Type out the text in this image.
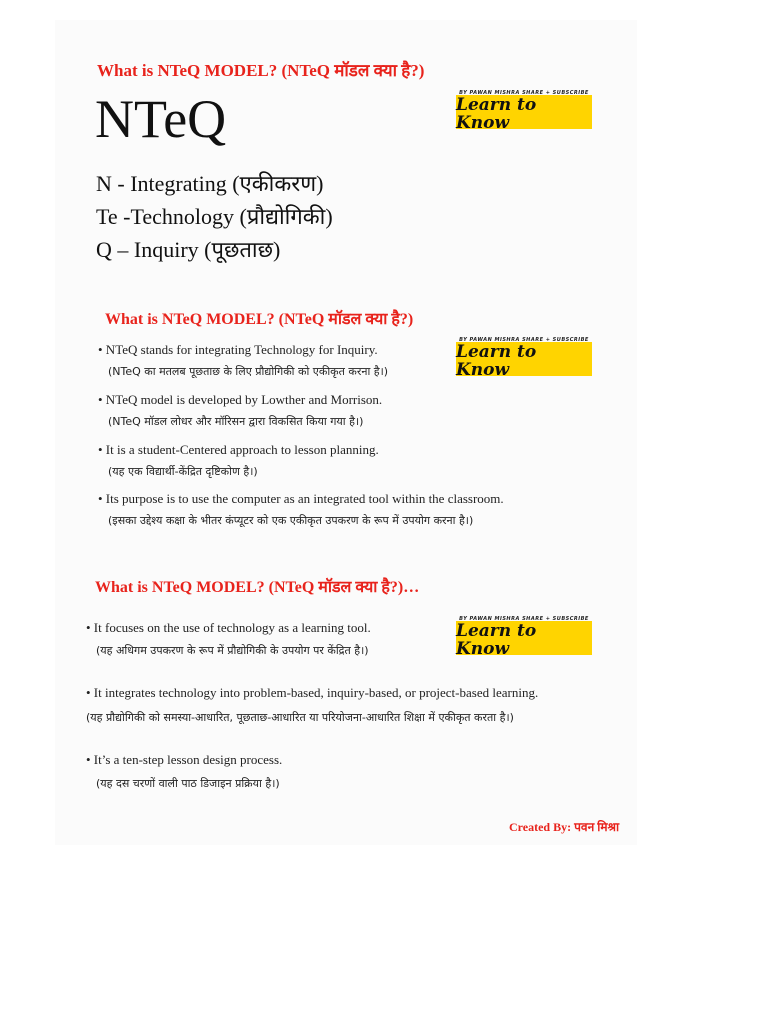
What is NTeQ MODEL? (NTeQ मॉडल क्या है?)
NTeQ
N - Integrating (एकीकरण)
Te -Technology (प्रौद्योगिकी)
Q – Inquiry (पूछताछ)
BY PAWAN MISHRA SHARE + SUBSCRIBE
Learn to Know
What is NTeQ MODEL? (NTeQ मॉडल क्या है?)
BY PAWAN MISHRA SHARE + SUBSCRIBE
Learn to Know
• NTeQ stands for integrating Technology for Inquiry.
(NTeQ का मतलब पूछताछ के लिए प्रौद्योगिकी को एकीकृत करना है।)
• NTeQ model is developed by Lowther and Morrison.
(NTeQ मॉडल लोधर और मॉरिसन द्वारा विकसित किया गया है।)
• It is a student-Centered approach to lesson planning.
(यह एक विद्यार्थी-केंद्रित दृष्टिकोण है।)
• Its purpose is to use the computer as an integrated tool within the classroom.
(इसका उद्देश्य कक्षा के भीतर कंप्यूटर को एक एकीकृत उपकरण के रूप में उपयोग करना है।)
What is NTeQ MODEL? (NTeQ मॉडल क्या है?)…
BY PAWAN MISHRA SHARE + SUBSCRIBE
Learn to Know
• It focuses on the use of technology as a learning tool.
(यह अधिगम उपकरण के रूप में प्रौद्योगिकी के उपयोग पर केंद्रित है।)
• It integrates technology into problem-based, inquiry-based, or project-based learning.
(यह प्रौद्योगिकी को समस्या-आधारित, पूछताछ-आधारित या परियोजना-आधारित शिक्षा में एकीकृत करता है।)
• It’s a ten-step lesson design process.
(यह दस चरणों वाली पाठ डिजाइन प्रक्रिया है।)
Created By: पवन मिश्रा
